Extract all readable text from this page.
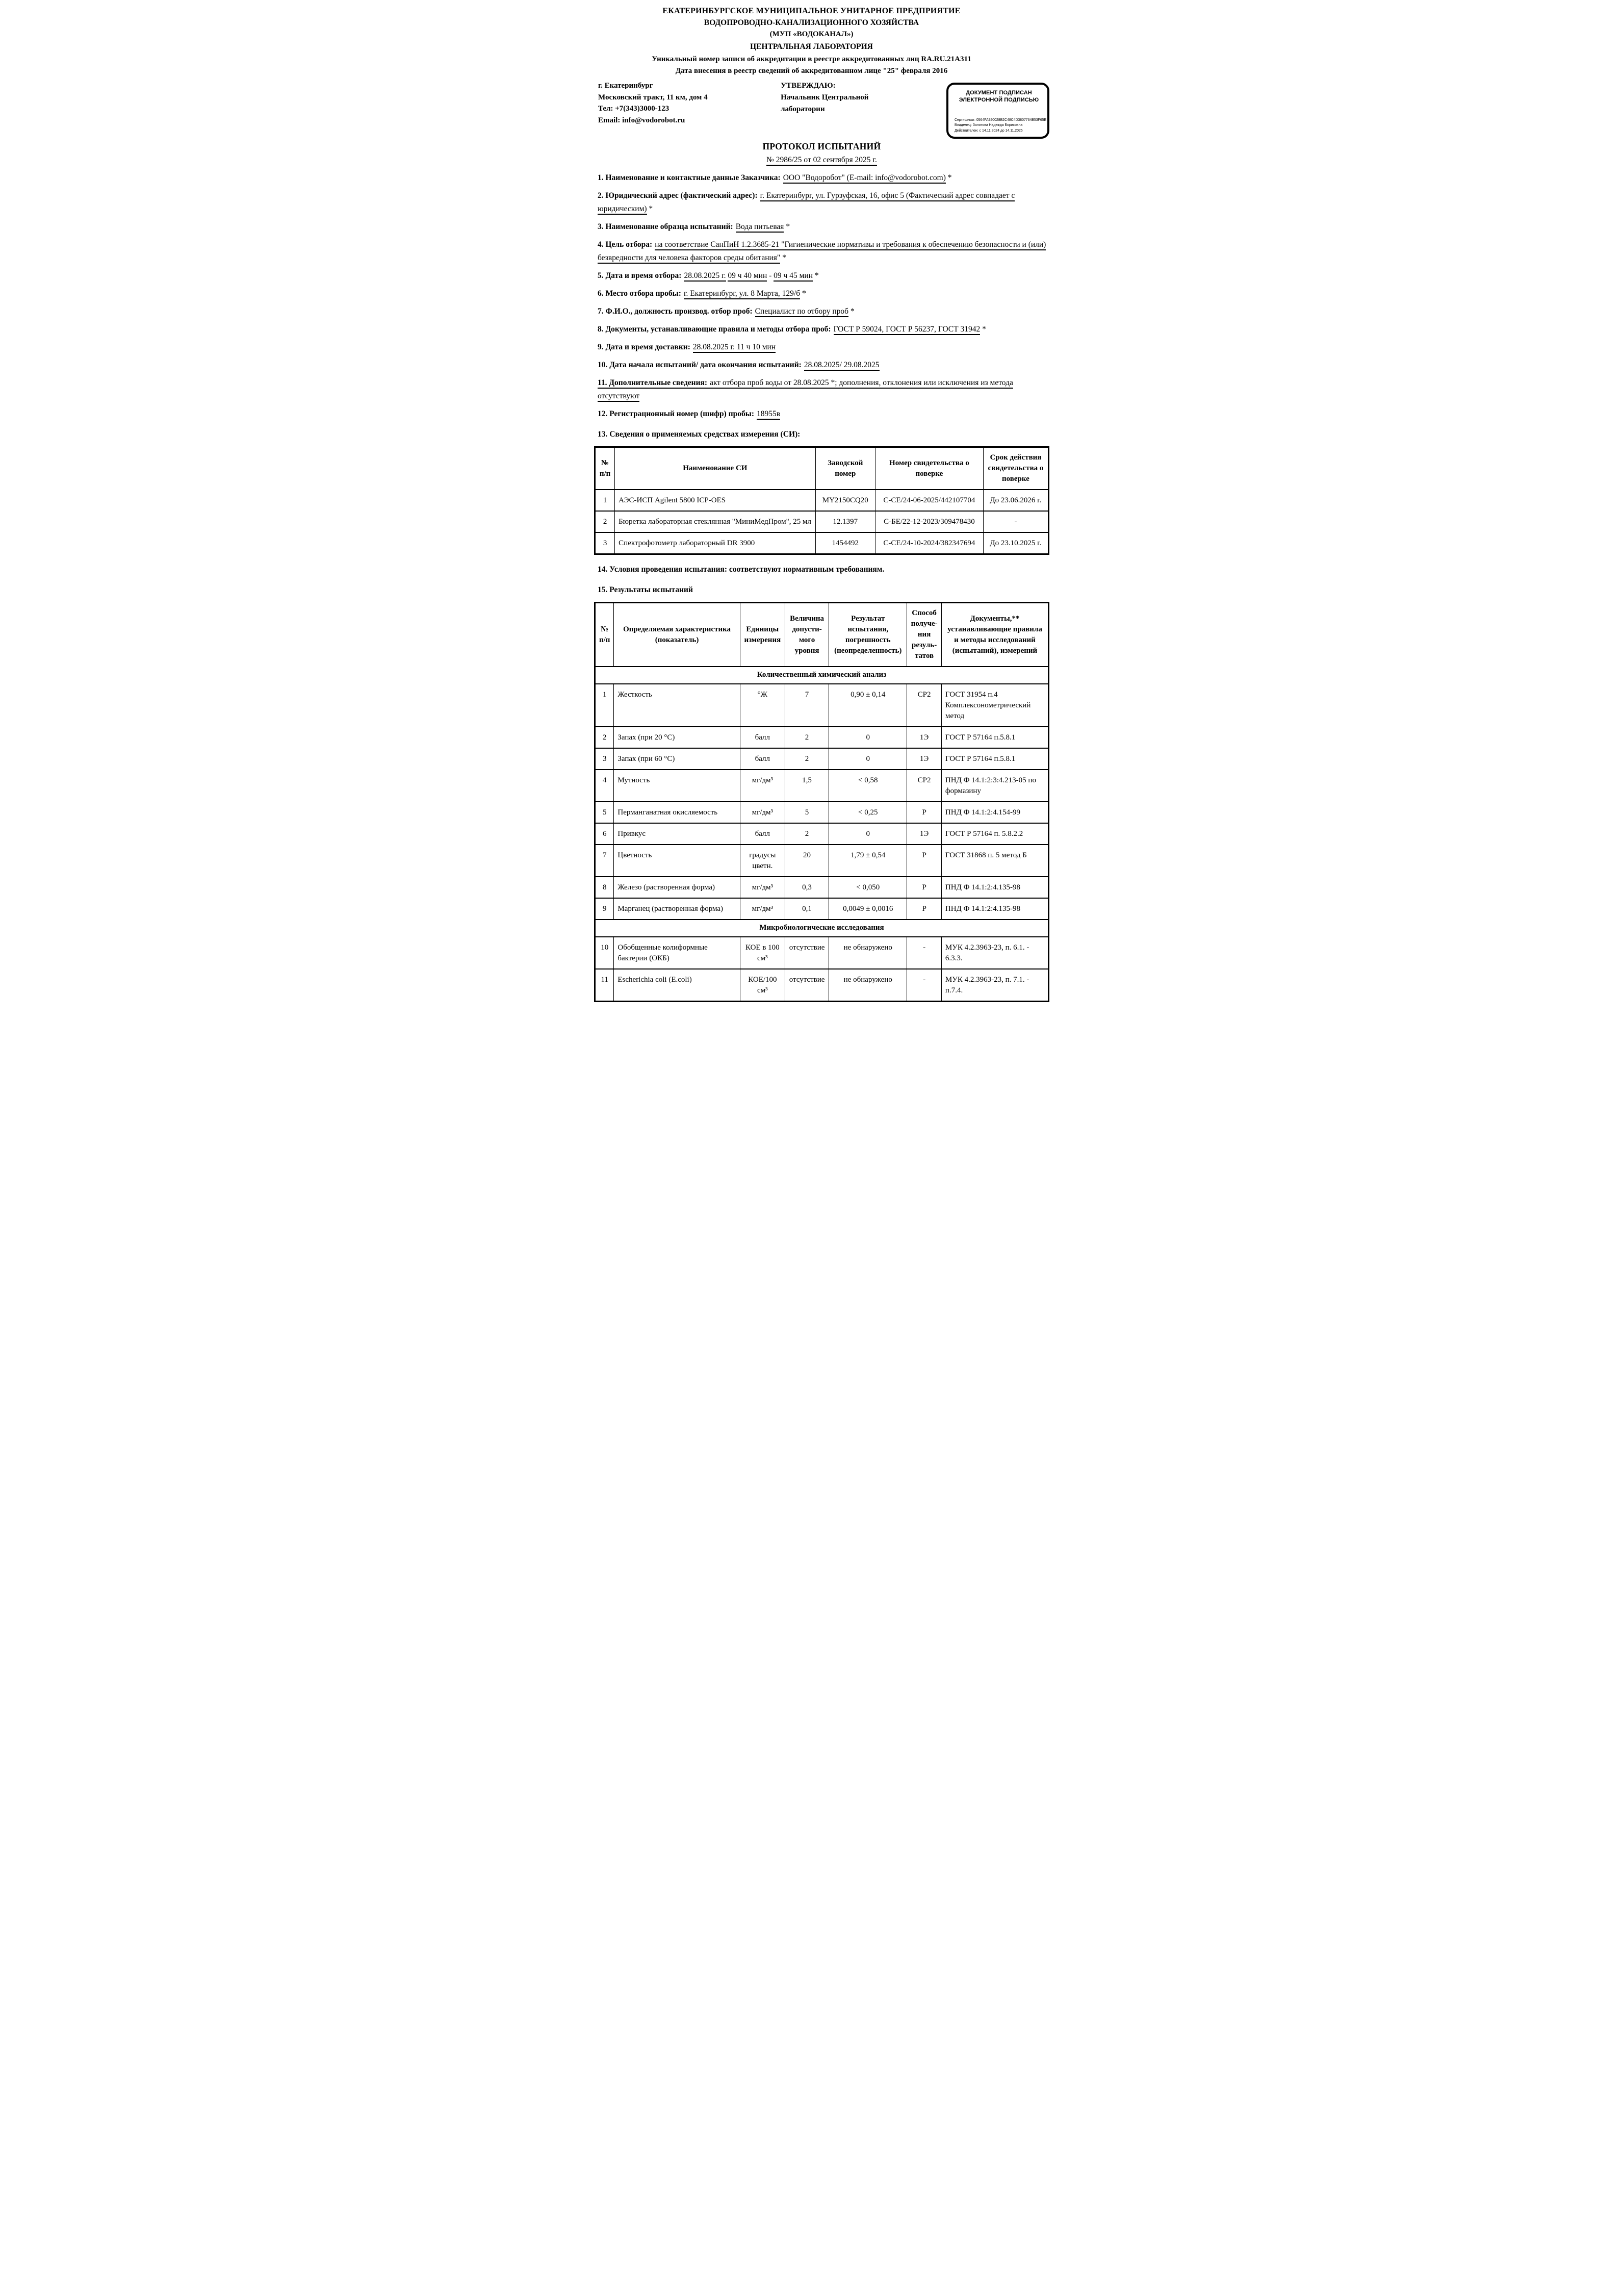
ЕКАТЕРИНБУРГСКОЕ МУНИЦИПАЛЬНОЕ УНИТАРНОЕ ПРЕДПРИЯТИЕ
ВОДОПРОВОДНО-КАНАЛИЗАЦИОННОГО ХОЗЯЙСТВА
(МУП «ВОДОКАНАЛ»)
ЦЕНТРАЛЬНАЯ ЛАБОРАТОРИЯ
Уникальный номер записи об аккредитации в реестре аккредитованных лиц RA.RU.21А311
Дата внесения в реестр сведений об аккредитованном лице "25" февраля 2016
г. Екатеринбург
Московский тракт, 11 км, дом 4
Тел: +7(343)3000-123
Email: info@vodorobot.ru
УТВЕРЖДАЮ:
Начальник Центральной
лаборатории
ДОКУМЕНТ ПОДПИСАН
ЭЛЕКТРОННОЙ ПОДПИСЬЮ
Сертификат: 0564FA920028B2C48C4D3807764B53F65E
Владелец: Золотова Надежда Борисовна
Действителен: с 14.11.2024 до 14.11.2025
ПРОТОКОЛ ИСПЫТАНИЙ
№ 2986/25 от 02 сентября 2025 г.

1. Наименование и контактные данные Заказчика: ООО "Водоробот" (E-mail: info@vodorobot.com) *

2. Юридический адрес (фактический адрес): г. Екатеринбург, ул. Гурзуфская, 16, офис 5 (Фактический адрес совпадает с юридическим) *

3. Наименование образца испытаний: Вода питьевая *

4. Цель отбора: на соответствие СанПиН 1.2.3685-21 "Гигиенические нормативы и требования к обеспечению безопасности и (или) безвредности для человека факторов среды обитания" *

5. Дата и время отбора: 28.08.2025 г. 09 ч 40 мин - 09 ч 45 мин *

6. Место отбора пробы: г. Екатеринбург, ул. 8 Марта, 129/б *

7. Ф.И.О., должность производ. отбор проб: Специалист по отбору проб *

8. Документы, устанавливающие правила и методы отбора проб: ГОСТ Р 59024, ГОСТ Р 56237, ГОСТ 31942 *

9. Дата и время доставки: 28.08.2025 г. 11 ч 10 мин

10. Дата начала испытаний/ дата окончания испытаний: 28.08.2025/ 29.08.2025

11. Дополнительные сведения: акт отбора проб воды от 28.08.2025 *; дополнения, отклонения или исключения из метода отсутствуют

12. Регистрационный номер (шифр) пробы: 18955в

13. Сведения о применяемых средствах измерения (СИ):
№ п/п	Наименование СИ	Заводской номер	Номер свидетельства о поверке	Срок действия свидетельства о поверке
1	АЭС-ИСП Agilent 5800 ICP-OES	MY2150CQ20	С-СЕ/24-06-2025/442107704	До 23.06.2026 г.
2	Бюретка лабораторная стеклянная "МиниМедПром", 25 мл	12.1397	С-БЕ/22-12-2023/309478430	-
3	Спектрофотометр лабораторный DR 3900	1454492	С-СЕ/24-10-2024/382347694	До 23.10.2025 г.
14. Условия проведения испытания: соответствуют нормативным требованиям.
15. Результаты испытаний
№ п/п	Определяемая характеристика (показатель)	Единицы измерения	Величина допусти-мого уровня	Результат испытания, погрешность (неопределенность)	Способ получе-ния резуль-татов	Документы,** устанавливающие правила и методы исследований (испытаний), измерений
Количественный химический анализ						
1	Жесткость	°Ж	7	0,90 ± 0,14	СР2	ГОСТ 31954 п.4 Комплексонометрический метод
2	Запах (при 20 °С)	балл	2	0	1Э	ГОСТ Р 57164 п.5.8.1
3	Запах (при 60 °С)	балл	2	0	1Э	ГОСТ Р 57164 п.5.8.1
4	Мутность	мг/дм³	1,5	< 0,58	СР2	ПНД Ф 14.1:2:3:4.213-05 по формазину
5	Перманганатная окисляемость	мг/дм³	5	< 0,25	Р	ПНД Ф 14.1:2:4.154-99
6	Привкус	балл	2	0	1Э	ГОСТ Р 57164 п. 5.8.2.2
7	Цветность	градусы цветн.	20	1,79 ± 0,54	Р	ГОСТ 31868 п. 5 метод Б
8	Железо (растворенная форма)	мг/дм³	0,3	< 0,050	Р	ПНД Ф 14.1:2:4.135-98
9	Марганец (растворенная форма)	мг/дм³	0,1	0,0049 ± 0,0016	Р	ПНД Ф 14.1:2:4.135-98
Микробиологические исследования						
10	Обобщенные колиформные бактерии (ОКБ)	КОЕ в 100 см³	отсутствие	не обнаружено	-	МУК 4.2.3963-23, п. 6.1. - 6.3.3.
11	Escherichia coli (E.coli)	КОЕ/100 см³	отсутствие	не обнаружено	-	МУК 4.2.3963-23, п. 7.1. - п.7.4.
